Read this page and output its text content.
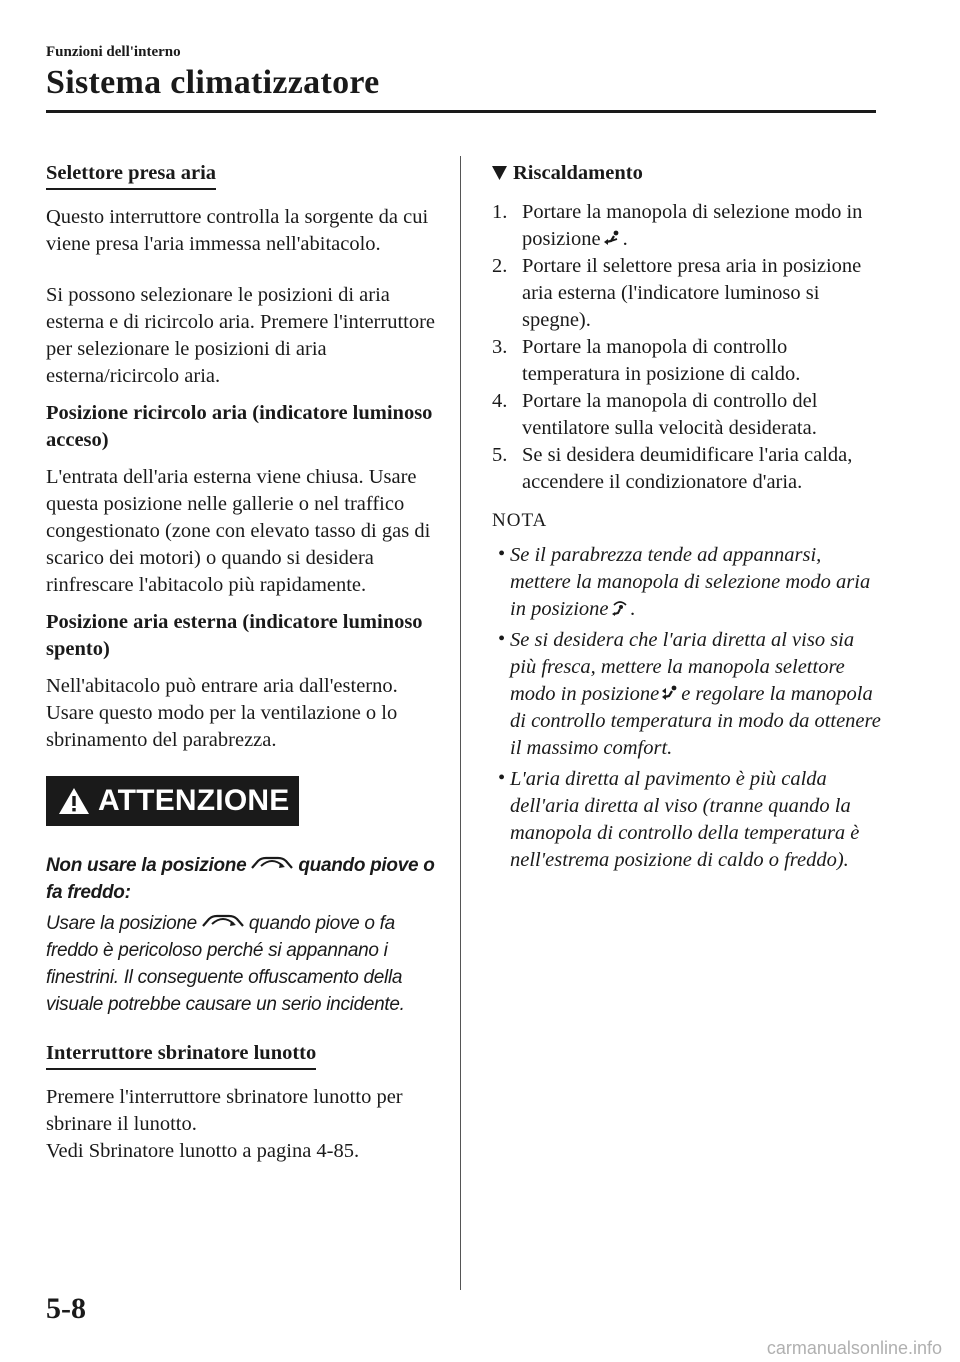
Funzioni dell'interno
Sistema climatizzatore
Selettore presa aria

Questo interruttore controlla la sorgente da cui viene presa l'aria immessa nell'abitacolo.

Si possono selezionare le posizioni di aria esterna e di ricircolo aria. Premere l'interruttore per selezionare le posizioni di aria esterna/ricircolo aria.

Posizione ricircolo aria (indicatore luminoso acceso)

L'entrata dell'aria esterna viene chiusa. Usare questa posizione nelle gallerie o nel traffico congestionato (zone con elevato tasso di gas di scarico dei motori) o quando si desidera rinfrescare l'abitacolo più rapidamente.

Posizione aria esterna (indicatore luminoso spento)

Nell'abitacolo può entrare aria dall'esterno. Usare questo modo per la ventilazione o lo sbrinamento del parabrezza.

ATTENZIONE

Non usare la posizione	quando piove o fa freddo:

Usare la posizione	quando piove o fa freddo è pericoloso perché si appannano i finestrini. Il conseguente offuscamento della visuale potrebbe causare un serio incidente.

Interruttore sbrinatore lunotto

Premere l'interruttore sbrinatore lunotto per sbrinare il lunotto.

Vedi Sbrinatore lunotto a pagina 4-85.

Riscaldamento
1. Portare la manopola di selezione modo in posizione .
2. Portare il selettore presa aria in posizione aria esterna (l'indicatore luminoso si spegne).
3. Portare la manopola di controllo temperatura in posizione di caldo.
4. Portare la manopola di controllo del ventilatore sulla velocità desiderata.
5. Se si desidera deumidificare l'aria calda, accendere il condizionatore d'aria.
NOTA
• Se il parabrezza tende ad appannarsi, mettere la manopola di selezione modo aria in posizione .
• Se si desidera che l'aria diretta al viso sia più fresca, mettere la manopola selettore modo in posizione e regolare la manopola di controllo temperatura in modo da ottenere il massimo comfort.
• L'aria diretta al pavimento è più calda dell'aria diretta al viso (tranne quando la manopola di controllo della temperatura è nell'estrema posizione di caldo o freddo).
5-8
carmanualsonline.info
